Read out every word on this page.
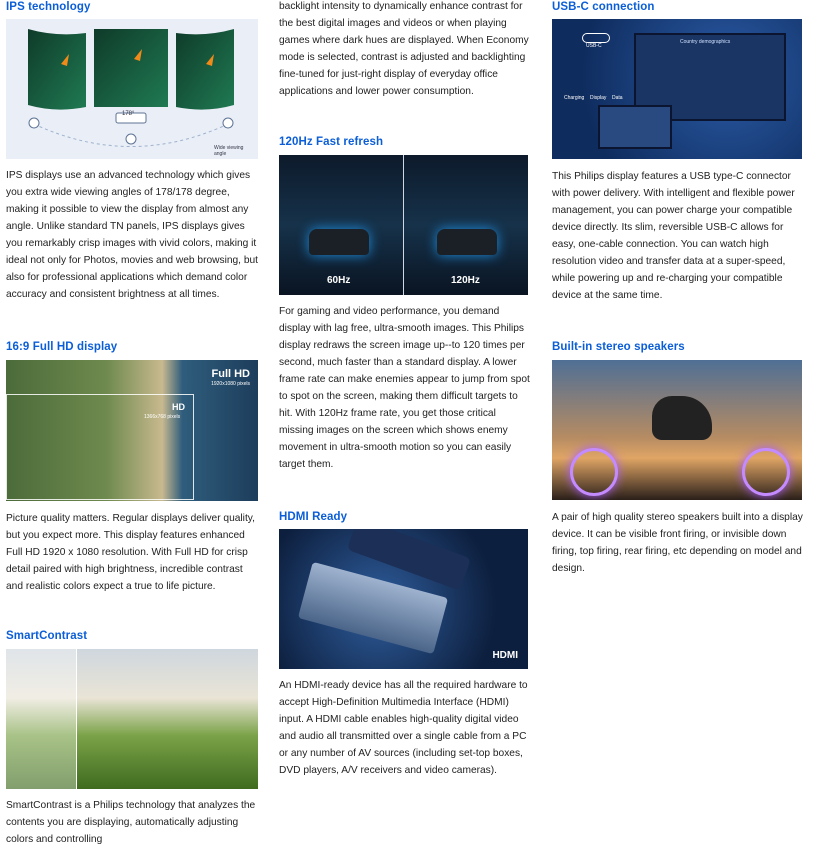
IPS technology
178°
Wide viewing angle

IPS displays use an advanced technology which gives you extra wide viewing angles of 178/178 degree, making it possible to view the display from almost any angle. Unlike standard TN panels, IPS displays gives you remarkably crisp images with vivid colors, making it ideal not only for Photos, movies and web browsing, but also for professional applications which demand color accuracy and consistent brightness at all times.

16:9 Full HD display
Full HD
1920x1080 pixels
HD
1366x768 pixels

Picture quality matters. Regular displays deliver quality, but you expect more. This display features enhanced Full HD 1920 x 1080 resolution. With Full HD for crisp detail paired with high brightness, incredible contrast and realistic colors expect a true to life picture.

SmartContrast

SmartContrast is a Philips technology that analyzes the contents you are displaying, automatically adjusting colors and controlling

backlight intensity to dynamically enhance contrast for the best digital images and videos or when playing games where dark hues are displayed. When Economy mode is selected, contrast is adjusted and backlighting fine-tuned for just-right display of everyday office applications and lower power consumption.

120Hz Fast refresh
60Hz	120Hz

For gaming and video performance, you demand display with lag free, ultra-smooth images. This Philips display redraws the screen image up--to 120 times per second, much faster than a standard display. A lower frame rate can make enemies appear to jump from spot to spot on the screen, making them difficult targets to hit. With 120Hz frame rate, you get those critical missing images on the screen which shows enemy movement in ultra-smooth motion so you can easily target them.

HDMI Ready
HDMI

An HDMI-ready device has all the required hardware to accept High-Definition Multimedia Interface (HDMI) input. A HDMI cable enables high-quality digital video and audio all transmitted over a single cable from a PC or any number of AV sources (including set-top boxes, DVD players, A/V receivers and video cameras).

USB-C connection
USB-C
Country demographics
Charging Display Data

This Philips display features a USB type-C connector with power delivery. With intelligent and flexible power management, you can power charge your compatible device directly. Its slim, reversible USB-C allows for easy, one-cable connection. You can watch high resolution video and transfer data at a super-speed, while powering up and re-charging your compatible device at the same time.

Built-in stereo speakers

A pair of high quality stereo speakers built into a display device. It can be visible front firing, or invisible down firing, top firing, rear firing, etc depending on model and design.
